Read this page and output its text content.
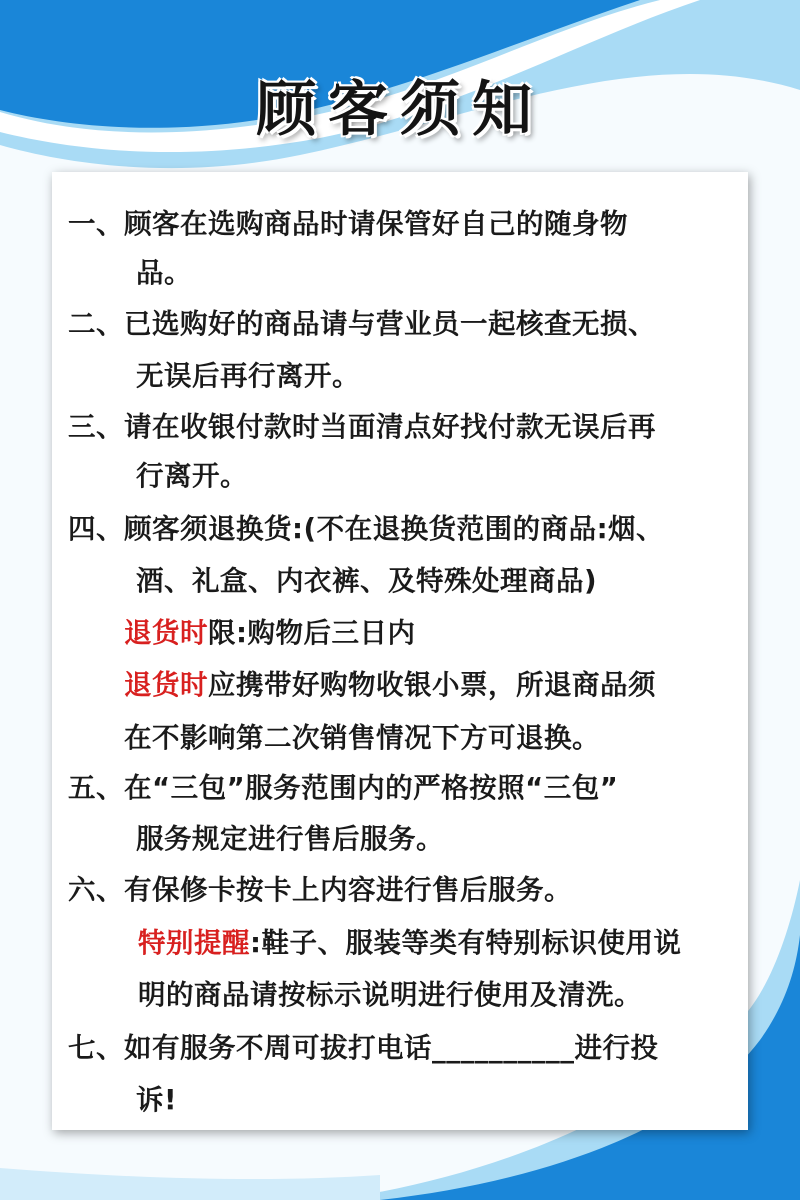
顾客须知
一、顾客在选购商品时请保管好自己的随身物
品。
二、已选购好的商品请与营业员一起核查无损、
无误后再行离开。
三、请在收银付款时当面清点好找付款无误后再
行离开。
四、顾客须退换货:(不在退换货范围的商品:烟、
酒、礼盒、内衣裤、及特殊处理商品)
退货时限:购物后三日内
退货时应携带好购物收银小票，所退商品须
在不影响第二次销售情况下方可退换。
五、在“三包”服务范围内的严格按照“三包”
服务规定进行售后服务。
六、有保修卡按卡上内容进行售后服务。
特别提醒:鞋子、服装等类有特别标识使用说
明的商品请按标示说明进行使用及清洗。
七、如有服务不周可拔打电话__________进行投
诉!
